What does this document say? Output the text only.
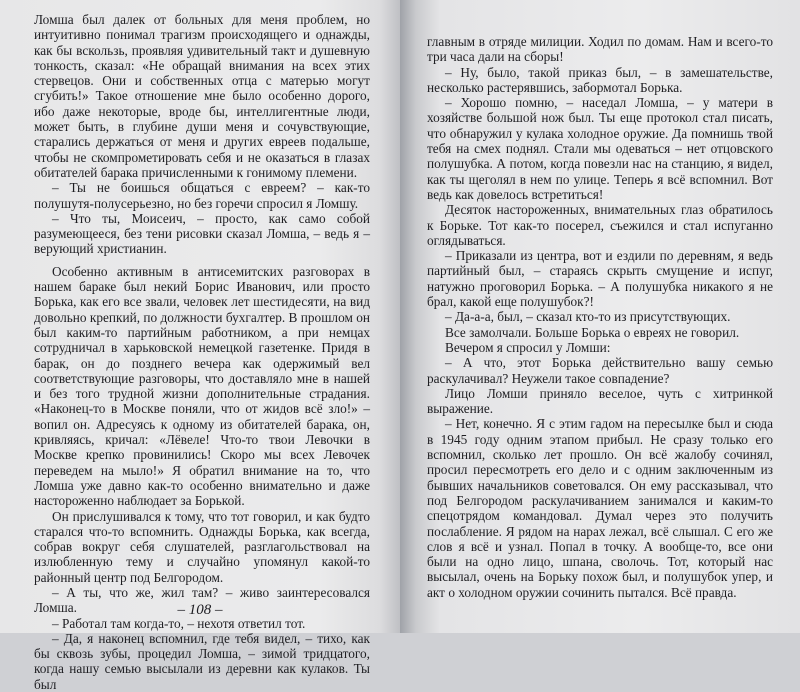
Ломша был далек от больных для меня проблем, но интуитивно понимал трагизм происходящего и однажды, как бы вскользь, проявляя удивительный такт и душевную тонкость, сказал: «Не обращай внимания на всех этих стервецов. Они и собственных отца с матерью могут сгубить!» Такое отношение мне было особенно дорого, ибо даже некоторые, вроде бы, интеллигентные люди, может быть, в глубине души меня и сочувствующие, старались держаться от меня и других евреев подальше, чтобы не скомпрометировать себя и не оказаться в глазах обитателей барака причисленными к гонимому племени.

– Ты не боишься общаться с евреем? – как-то полушутя-полусерьезно, но без горечи спросил я Ломшу.

– Что ты, Моисеич, – просто, как само собой разумеющееся, без тени рисовки сказал Ломша, – ведь я – верующий христианин.

Особенно активным в антисемитских разговорах в нашем бараке был некий Борис Иванович, или просто Борька, как его все звали, человек лет шестидесяти, на вид довольно крепкий, по должности бухгалтер. В прошлом он был каким-то партийным работником, а при немцах сотрудничал в харьковской немецкой газетенке. Придя в барак, он до позднего вечера как одержимый вел соответствующие разговоры, что доставляло мне в нашей и без того трудной жизни дополнительные страдания. «Наконец-то в Москве поняли, что от жидов всё зло!» – вопил он. Адресуясь к одному из обитателей барака, он, кривляясь, кричал: «Лёвеле! Что-то твои Левочки в Москве крепко провинились! Скоро мы всех Левочек переведем на мыло!» Я обратил внимание на то, что Ломша уже давно как-то особенно внимательно и даже настороженно наблюдает за Борькой.

Он прислушивался к тому, что тот говорил, и как будто старался что-то вспомнить. Однажды Борька, как всегда, собрав вокруг себя слушателей, разглагольствовал на излюбленную тему и случайно упомянул какой-то районный центр под Белгородом.

– А ты, что же, жил там? – живо заинтересовался Ломша.

– Работал там когда-то, – нехотя ответил тот.

– Да, я наконец вспомнил, где тебя видел, – тихо, как бы сквозь зубы, процедил Ломша, – зимой тридцатого, когда нашу семью высылали из деревни как кулаков. Ты был

– 108 –

главным в отряде милиции. Ходил по домам. Нам и всего-то три часа дали на сборы!

– Ну, было, такой приказ был, – в замешательстве, несколько растерявшись, забормотал Борька.

– Хорошо помню, – наседал Ломша, – у матери в хозяйстве большой нож был. Ты еще протокол стал писать, что обнаружил у кулака холодное оружие. Да помнишь твой тебя на смех поднял. Стали мы одеваться – нет отцовского полушубка. А потом, когда повезли нас на станцию, я видел, как ты щеголял в нем по улице. Теперь я всё вспомнил. Вот ведь как довелось встретиться!

Десяток настороженных, внимательных глаз обратилось к Борьке. Тот как-то посерел, съежился и стал испуганно оглядываться.

– Приказали из центра, вот и ездили по деревням, я ведь партийный был, – стараясь скрыть смущение и испуг, натужно проговорил Борька. – А полушубка никакого я не брал, какой еще полушубок?!

– Да-а-а, был, – сказал кто-то из присутствующих.

Все замолчали. Больше Борька о евреях не говорил.

Вечером я спросил у Ломши:

– А что, этот Борька действительно вашу семью раскулачивал? Неужели такое совпадение?

Лицо Ломши приняло веселое, чуть с хитринкой выражение.

– Нет, конечно. Я с этим гадом на пересылке был и сюда в 1945 году одним этапом прибыл. Не сразу только его вспомнил, сколько лет прошло. Он всё жалобу сочинял, просил пересмотреть его дело и с одним заключенным из бывших начальников советовался. Он ему рассказывал, что под Белгородом раскулачиванием занимался и каким-то спецотрядом командовал. Думал через это получить послабление. Я рядом на нарах лежал, всё слышал. С его же слов я всё и узнал. Попал в точку. А вообще-то, все они были на одно лицо, шпана, сволочь. Тот, который нас высылал, очень на Борьку похож был, и полушубок упер, и акт о холодном оружии сочинить пытался. Всё правда.
